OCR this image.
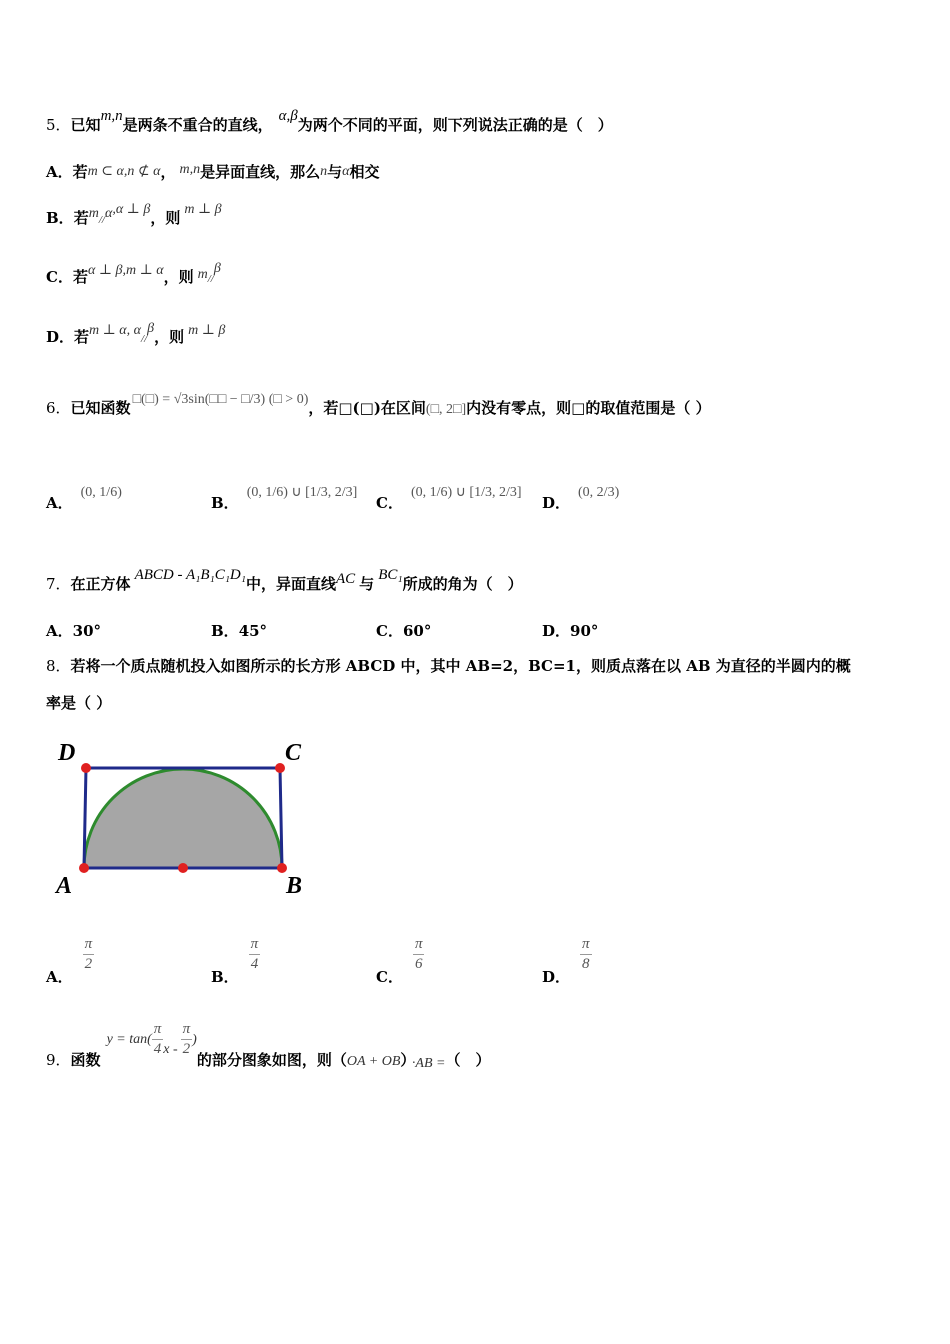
5．已知m,n是两条不重合的直线， α,β为两个不同的平面，则下列说法正确的是（　）
A．若m ⊂ α,n ⊄ α， m,n是异面直线，那么n与α相交
B．若m//α,α ⊥ β，则 m ⊥ β
C．若α ⊥ β,m ⊥ α，则 m//β
D．若m ⊥ α, α//β，则 m ⊥ β
6．已知函数 □(□) = √3sin(□□ − □/3) (□ > 0)，若□(□)在区间(□, 2□]内没有零点，则□的取值范围是（ ）
A．(0, 1/6)
B．(0, 1/6) ∪ [1/3, 2/3]
C．(0, 1/6) ∪ [1/3, 2/3]
D．(0, 2/3)
7．在正方体 ABCD - A₁B₁C₁D₁中，异面直线AC 与 BC₁所成的角为（　）
A．30°	B．45°	C．60°	D．90°
8．若将一个质点随机投入如图所示的长方形 ABCD 中，其中 AB=2，BC=1，则质点落在以 AB 为直径的半圆内的概
率是（ ）
D	C
A	B
A．
$\frac{\pi}{2}$
B．
$\frac{\pi}{4}$
C．
$\frac{\pi}{6}$
D．
$\frac{\pi}{8}$
9．函数$y = \tan( \frac{\pi}{4}$ x - $\frac{\pi}{2}$ )的部分图象如图，则（OA + OB） ·AB =（　）
